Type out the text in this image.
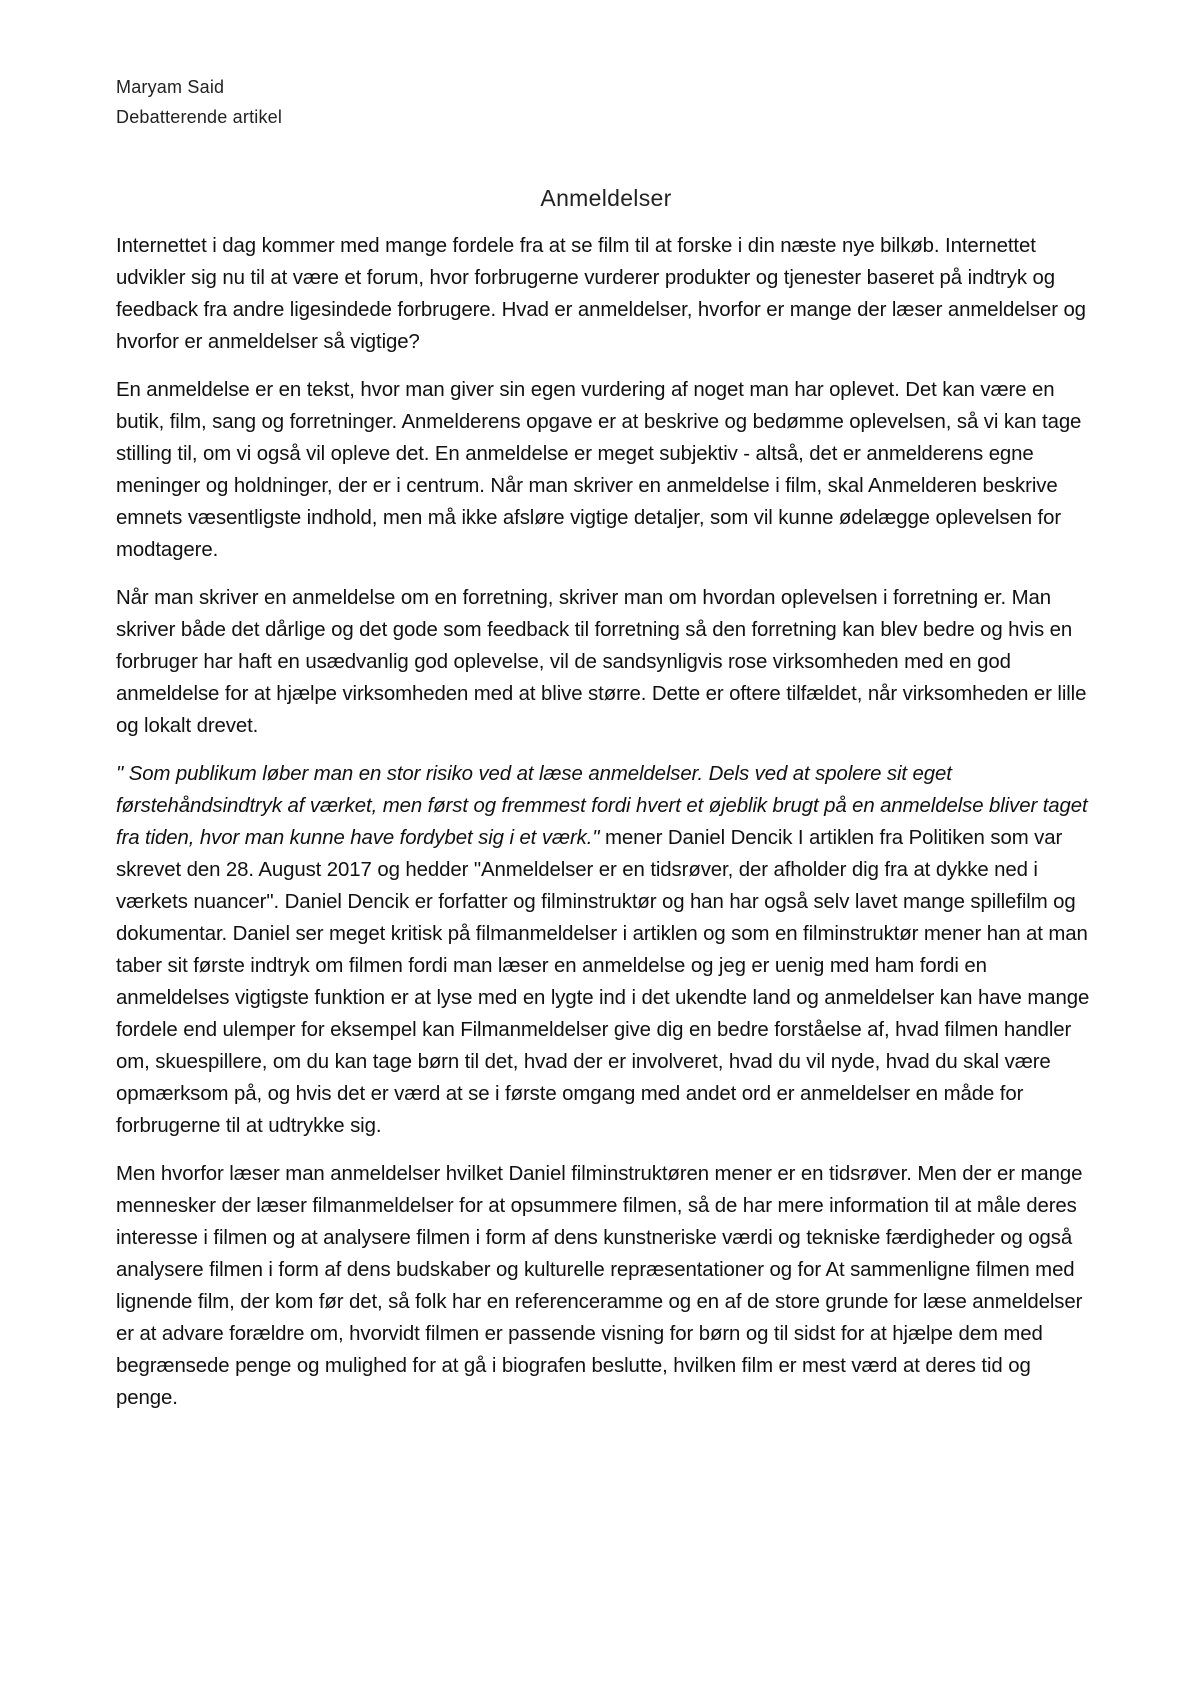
Maryam Said
Debatterende artikel
Anmeldelser

Internettet i dag kommer med mange fordele fra at se film til at forske i din næste nye bilkøb. Internettet udvikler sig nu til at være et forum, hvor forbrugerne vurderer produkter og tjenester baseret på indtryk og feedback fra andre ligesindede forbrugere. Hvad er anmeldelser, hvorfor er mange der læser anmeldelser og hvorfor er anmeldelser så vigtige?

En anmeldelse er en tekst, hvor man giver sin egen vurdering af noget man har oplevet. Det kan være en butik, film, sang og forretninger. Anmelderens opgave er at beskrive og bedømme oplevelsen, så vi kan tage stilling til, om vi også vil opleve det. En anmeldelse er meget subjektiv - altså, det er anmelderens egne meninger og holdninger, der er i centrum. Når man skriver en anmeldelse i film, skal Anmelderen beskrive emnets væsentligste indhold, men må ikke afsløre vigtige detaljer, som vil kunne ødelægge oplevelsen for modtagere.

Når man skriver en anmeldelse om en forretning, skriver man om hvordan oplevelsen i forretning er. Man skriver både det dårlige og det gode som feedback til forretning så den forretning kan blev bedre og hvis en forbruger har haft en usædvanlig god oplevelse, vil de sandsynligvis rose virksomheden med en god anmeldelse for at hjælpe virksomheden med at blive større. Dette er oftere tilfældet, når virksomheden er lille og lokalt drevet.

" Som publikum løber man en stor risiko ved at læse anmeldelser. Dels ved at spolere sit eget førstehåndsindtryk af værket, men først og fremmest fordi hvert et øjeblik brugt på en anmeldelse bliver taget fra tiden, hvor man kunne have fordybet sig i et værk." mener Daniel Dencik I artiklen fra Politiken som var skrevet den 28. August 2017 og hedder "Anmeldelser er en tidsrøver, der afholder dig fra at dykke ned i værkets nuancer". Daniel Dencik er forfatter og filminstruktør og han har også selv lavet mange spillefilm og dokumentar. Daniel ser meget kritisk på filmanmeldelser i artiklen og som en filminstruktør mener han at man taber sit første indtryk om filmen fordi man læser en anmeldelse og jeg er uenig med ham fordi en anmeldelses vigtigste funktion er at lyse med en lygte ind i det ukendte land og anmeldelser kan have mange fordele end ulemper for eksempel kan Filmanmeldelser give dig en bedre forståelse af, hvad filmen handler om, skuespillere, om du kan tage børn til det, hvad der er involveret, hvad du vil nyde, hvad du skal være opmærksom på, og hvis det er værd at se i første omgang med andet ord er anmeldelser en måde for forbrugerne til at udtrykke sig.

Men hvorfor læser man anmeldelser hvilket Daniel filminstruktøren mener er en tidsrøver. Men der er mange mennesker der læser filmanmeldelser for at opsummere filmen, så de har mere information til at måle deres interesse i filmen og at analysere filmen i form af dens kunstneriske værdi og tekniske færdigheder og også analysere filmen i form af dens budskaber og kulturelle repræsentationer og for At sammenligne filmen med lignende film, der kom før det, så folk har en referenceramme og en af de store grunde for læse anmeldelser er at advare forældre om, hvorvidt filmen er passende visning for børn og til sidst for at hjælpe dem med begrænsede penge og mulighed for at gå i biografen beslutte, hvilken film er mest værd at deres tid og penge.
